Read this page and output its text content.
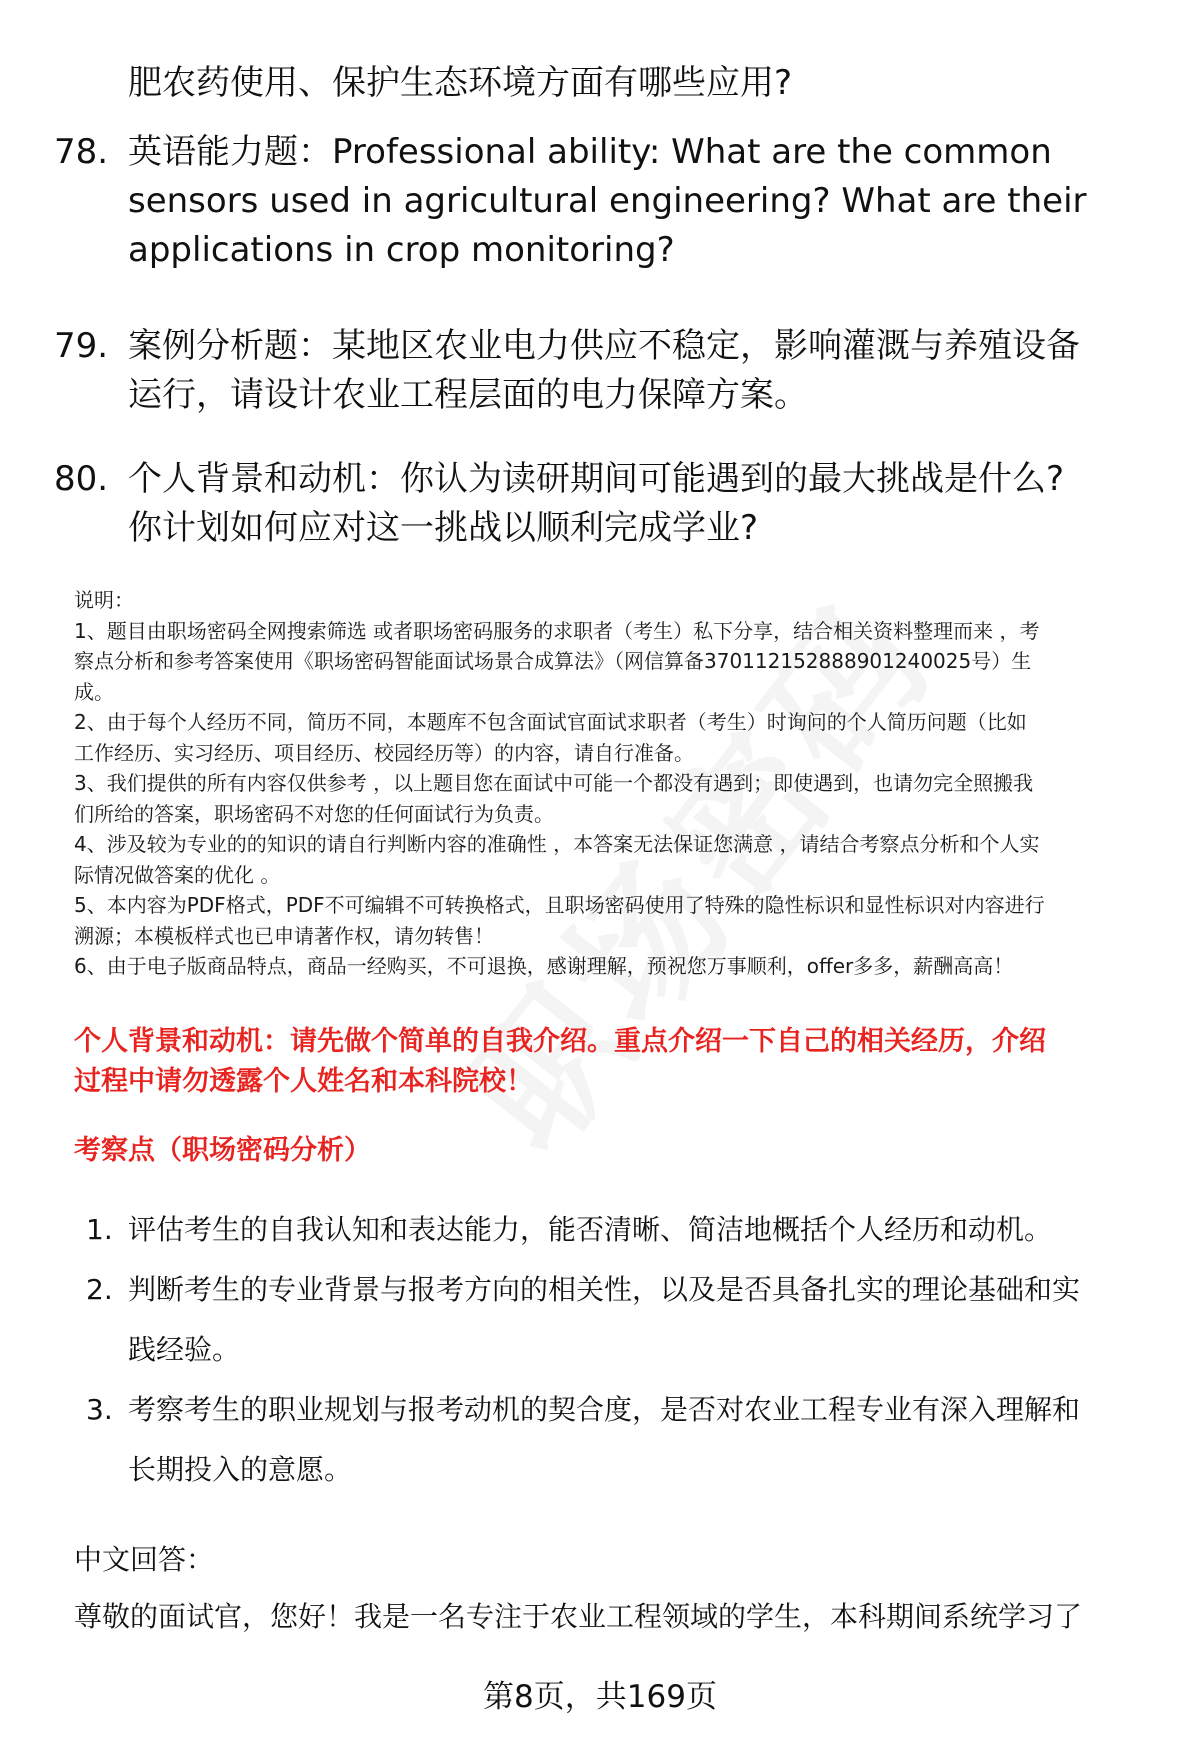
肥农药使用、保护生态环境方面有哪些应用?
78. 英语能力题：Professional ability: What are the common
sensors used in agricultural engineering? What are their
applications in crop monitoring?
79. 案例分析题：某地区农业电力供应不稳定，影响灌溉与养殖设备
运行，请设计农业工程层面的电力保障方案。
80. 个人背景和动机：你认为读研期间可能遇到的最大挑战是什么?
你计划如何应对这一挑战以顺利完成学业?
说明：
1、题目由职场密码全网搜索筛选 或者职场密码服务的求职者（考生）私下分享，结合相关资料整理而来 ，考
察点分析和参考答案使用《职场密码智能面试场景合成算法》（网信算备370112152888901240025号）生
成。
2、由于每个人经历不同，简历不同，本题库不包含面试官面试求职者（考生）时询问的个人简历问题（比如
工作经历、实习经历、项目经历、校园经历等）的内容，请自行准备。
3、我们提供的所有内容仅供参考 ，以上题目您在面试中可能一个都没有遇到；即使遇到，也请勿完全照搬我
们所给的答案，职场密码不对您的任何面试行为负责。
4、涉及较为专业的的知识的请自行判断内容的准确性 ，本答案无法保证您满意 ，请结合考察点分析和个人实
际情况做答案的优化 。
5、本内容为PDF格式，PDF不可编辑不可转换格式，且职场密码使用了特殊的隐性标识和显性标识对内容进行
溯源；本模板样式也已申请著作权，请勿转售！
6、由于电子版商品特点，商品一经购买，不可退换，感谢理解，预祝您万事顺利，offer多多，薪酬高高！
个人背景和动机：请先做个简单的自我介绍。重点介绍一下自己的相关经历，介绍
过程中请勿透露个人姓名和本科院校！
考察点（职场密码分析）
1. 评估考生的自我认知和表达能力，能否清晰、简洁地概括个人经历和动机。
2. 判断考生的专业背景与报考方向的相关性，以及是否具备扎实的理论基础和实
践经验。
3. 考察考生的职业规划与报考动机的契合度，是否对农业工程专业有深入理解和
长期投入的意愿。
中文回答：
尊敬的面试官，您好！我是一名专注于农业工程领域的学生，本科期间系统学习了
第8页，共169页
